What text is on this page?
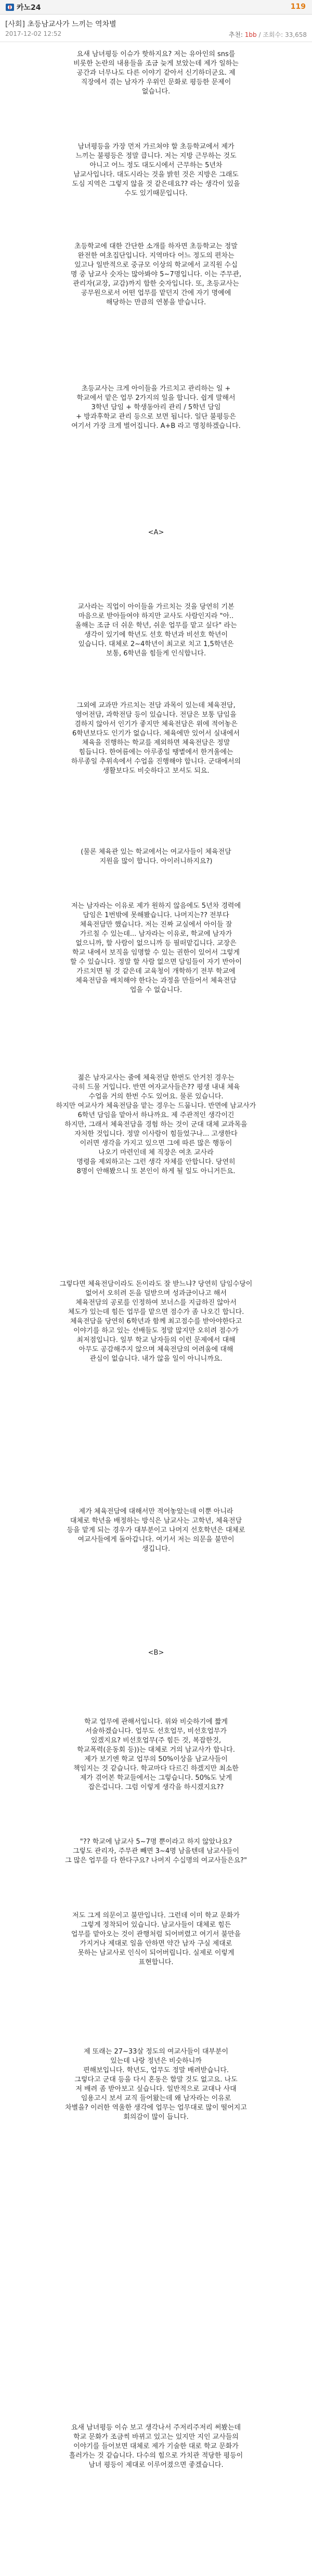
카노24	119
[사회] 초등남교사가 느끼는 역차별
2017-12-02 12:52	추천: 1bb / 조회수: 33,658

요새 남녀평등 이슈가 핫하지요? 저는 유아인의 sns를
비롯한 논란의 내용들을 조금 늦게 보았는데 제가 일하는
공간과 너무나도 다른 이야기 같아서 신기하더군요. 제
직장에서 겪는 남자가 우위인 문화로 평등한 문제이
없습니다.

남녀평등을 가장 먼저 가르쳐야 할 초등학교에서 제가
느끼는 불평등은 정말 큽니다. 저는 지방 근무하는 것도
아니고 어느 정도 대도시에서 근무하는 5년차
남교사입니다. 대도시라는 것을 밝힌 것은 지방은 그래도
도심 지역은 그렇지 않을 것 같은데요?? 라는 생각이 있을
수도 있기때문입니다.

초등학교에 대한 간단한 소개를 하자면 초등학교는 정말
완전한 여초집단입니다. 지역마다 어느 정도의 편차는
있고나 일반적으로 중규모 이상의 학교에서 교직원 수십
명 중 남교사 숫자는 많아봐야 5~7명입니다. 이는 주무관,
관리자(교장, 교감)까지 합한 숫자입니다. 또, 초등교사는
공무원으로서 어떤 업무를 맡던지 간에 자기 명예에
해당하는 만큼의 연봉을 받습니다.

초등교사는 크게 아이들을 가르치고 관리하는 일 +
학교에서 맡은 업무 2가지의 일을 합니다. 쉽게 말해서
3학년 담임 + 학생동아리 관리 / 5학년 담임
+ 방과후학교 관리 등으로 보면 됩니다. 일단 불평등은
여기서 가장 크게 벌어집니다. A+B 라고 명칭하겠습니다.

<A>

교사라는 직업이 아이들을 가르치는 것을 당연히 기본
마음으로 받아들여야 하지만 교사도 사람인지라 "아..
올해는 조금 더 쉬운 학년, 쉬운 업무를 맡고 싶다" 라는
생각이 있기에 학년도 선호 학년과 비선호 학년이
있습니다. 대체로 2~4학년이 최고로 치고 1,5학년은
보통, 6학년을 힘들게 인식합니다.

그외에 교과만 가르치는 전담 과목이 있는데 체육전담,
영어전담, 과학전담 등이 있습니다. 전담은 보통 담임을
겸하지 않아서 인기가 좋지만 체육전담은 위에 적어놓은
6학년보다도 인기가 없습니다. 체육에만 있어서 실내에서
체육을 진행하는 학교를 제외하면 체육전담은 정말
힘듭니다. 한여름에는 아루종일 땡볕에서 한겨울에는
하루종일 추위속에서 수업을 진행해야 합니다. 군대에서의
생활보다도 비슷하다고 보셔도 되요.

(물론 체육관 있는 학교에서는 여교사들이 체육전담
지원을 많이 합니다. 아이러니하지요?)

저는 남자라는 이유로 제가 원하지 않음에도 5년차 경력에
담임은 1번밖에 못해봤습니다. 나머지는?? 전부다
체육전담만 했습니다. 저는 진짜 교실에서 아이들 잘
가르칠 수 있는데... 남자라는 이유로, 학교에 남자가
없으니까, 할 사람이 없으니까 등 필떠맡깁니다. 교장은
학교 내에서 보직을 임명할 수 있는 권한이 있어서 그렇게
할 수 있습니다. 정말 할 사람 없으면 담임들이 자기 반아이
가르치면 될 것 같은데 교육청이 개학하기 전부 학교에
체육전담을 배치해야 한다는 과정을 만들어서 체육전담
업을 수 없습니다.

젊은 남자교사는 줄에 체육전담 한번도 안거친 경우는
극히 드물 거입니다. 반면 여자교사들은?? 평생 내내 체육
수업을 거의 한번 수도 있어요. 물론 있습니다.
하지만 여교사가 체육전담을 맡는 경우는 드뭅니다. 반면에 남교사가
6학년 담임을 맡아서 하나까요. 제 주관적인 생각이긴
하지만, 그래서 체육전담을 경험 하는 것이 군대 대체 교과목을
자처한 것입니다. 정말 이사람이 힘들었구나... 고생한다
이러면 생각을 가지고 있으면 그에 따른 많은 행동이
나오기 마련인데 체 직장은 여초 교사라
명령을 제외하고는 그런 생각 자체를 안합니다. 당연히
8명이 안해봤으니 또 본인이 하게 될 일도 아니거든요.

그렇다면 체육전담이라도 돈이라도 잘 받느냐? 당연히 담임수당이
없어서 오히려 돈을 덜받으며 성과금이나고 해서
체육전담의 공로를 인정하여 보너스를 지급하진 않아서
체도가 있는데 힘든 업무를 맡으면 점수가 좀 나오긴 합니다.
체육전담을 당연히 6학년과 함께 최고점수를 받아야한다고
이야기를 하고 있는 선배들도 정말 많지만 오히려 점수가
최저점입니다. 일부 학교 남자들의 이런 문제에서 대해
아무도 공감해주지 않으며 체육전담의 어려움에 대해
관심이 없습니다. 내가 않을 일이 아니니까요.

제가 체육전담에 대해서만 적어놓았는데 이뿐 아니라
대체로 학년을 배정하는 방식은 남교사는 고학년, 체육전담
등을 맡게 되는 경우가 대부분이고 나머지 선호학년은 대체로
여교사들에게 돌아갑니다. 여기서 저는 의문을 불만이
생깁니다.

<B>

학교 업무에 관해서입니다. 위와 비슷하기에 짧게
서술하겠습니다. 업무도 선호업무, 비선호업무가
있겠지요? 비선호업무(주 힘든 것, 복잡한것,
학교폭력(운동회 등))는 대체로 거의 남교사가 합니다.
제가 보기엔 학교 업무의 50%이상을 남교사들이
책임지는 것 같습니다. 학교마다 다르긴 하겠지만 최소한
제가 겪어본 학교들에서는 그렇습니다. 50%도 낮게
잡은겁니다. 그럼 이렇게 생각을 하시겠지요??

"?? 학교에 남교사 5~7명 뿐이라고 하지 않았나요?
그렇도 관리자, 주무관 빼면 3~4명 남을텐데 남교사들이
그 많은 업무를 다 한다구요? 나머지 수십명의 여교사들은요?"

저도 그게 의문이고 불만입니다. 그런데 이미 학교 문화가
그렇게 정착되어 있습니다. 남교사들이 대체로 힘든
업무를 맡아오는 것이 관행처럼 되어버렸고 여기서 불만을
가지거나 제대로 일을 안하면 약간 남자 구실 제대로
못하는 남교사로 인식이 되어버립니다. 실제로 이렇게
표현합니다.

제 또래는 27~33살 정도의 여교사들이 대부분이
있는데 나랑 정년은 비슷하니까
편해보입니다. 학년도, 업무도 정말 배려받습니다.
그렇다고 군대 등을 다시 혼동은 할말 것도 없고요. 나도
저 배려 좀 받아보고 싶습니다. 일반적으로 교대나 사대
임용고시 보셔 교직 들어왔는데 왜 남자라는 이유로
차별을? 이러한 역울한 생각에 업무는 업무대로 많이 떨어지고
회의감이 많이 듭니다.

요새 남녀평등 이슈 보고 생각나서 주저리주저리 써봤는데
학교 문화가 조금씩 바뀌고 있고는 있지만 지인 교사들의
이야기를 들어보면 대체로 제가 기술한 대로 학교 문화가
흘러가는 것 같습니다. 다수의 힘으로 가치관 적당한 평등이
남녀 평등이 제대로 이루어졌으면 좋겠습니다.
